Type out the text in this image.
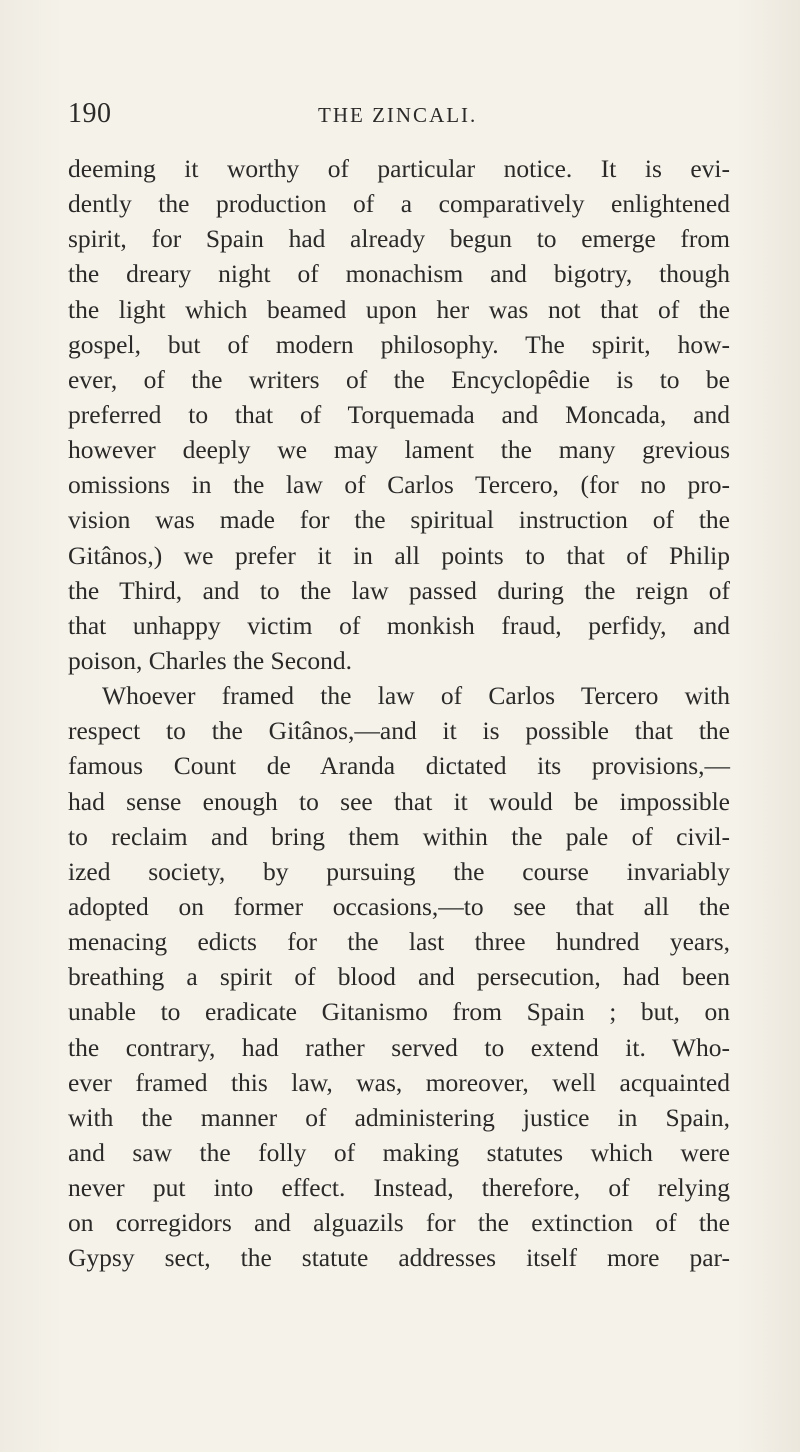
190	THE ZINCALI.
deeming it worthy of particular notice. It is evi-
dently the production of a comparatively enlightened
spirit, for Spain had already begun to emerge from
the dreary night of monachism and bigotry, though
the light which beamed upon her was not that of the
gospel, but of modern philosophy. The spirit, how-
ever, of the writers of the Encyclopêdie is to be
preferred to that of Torquemada and Moncada, and
however deeply we may lament the many grevious
omissions in the law of Carlos Tercero, (for no pro-
vision was made for the spiritual instruction of the
Gitânos,) we prefer it in all points to that of Philip
the Third, and to the law passed during the reign of
that unhappy victim of monkish fraud, perfidy, and
poison, Charles the Second.
Whoever framed the law of Carlos Tercero with
respect to the Gitânos,—and it is possible that the
famous Count de Aranda dictated its provisions,—
had sense enough to see that it would be impossible
to reclaim and bring them within the pale of civil-
ized society, by pursuing the course invariably
adopted on former occasions,—to see that all the
menacing edicts for the last three hundred years,
breathing a spirit of blood and persecution, had been
unable to eradicate Gitanismo from Spain ; but, on
the contrary, had rather served to extend it. Who-
ever framed this law, was, moreover, well acquainted
with the manner of administering justice in Spain,
and saw the folly of making statutes which were
never put into effect. Instead, therefore, of relying
on corregidors and alguazils for the extinction of the
Gypsy sect, the statute addresses itself more par-
